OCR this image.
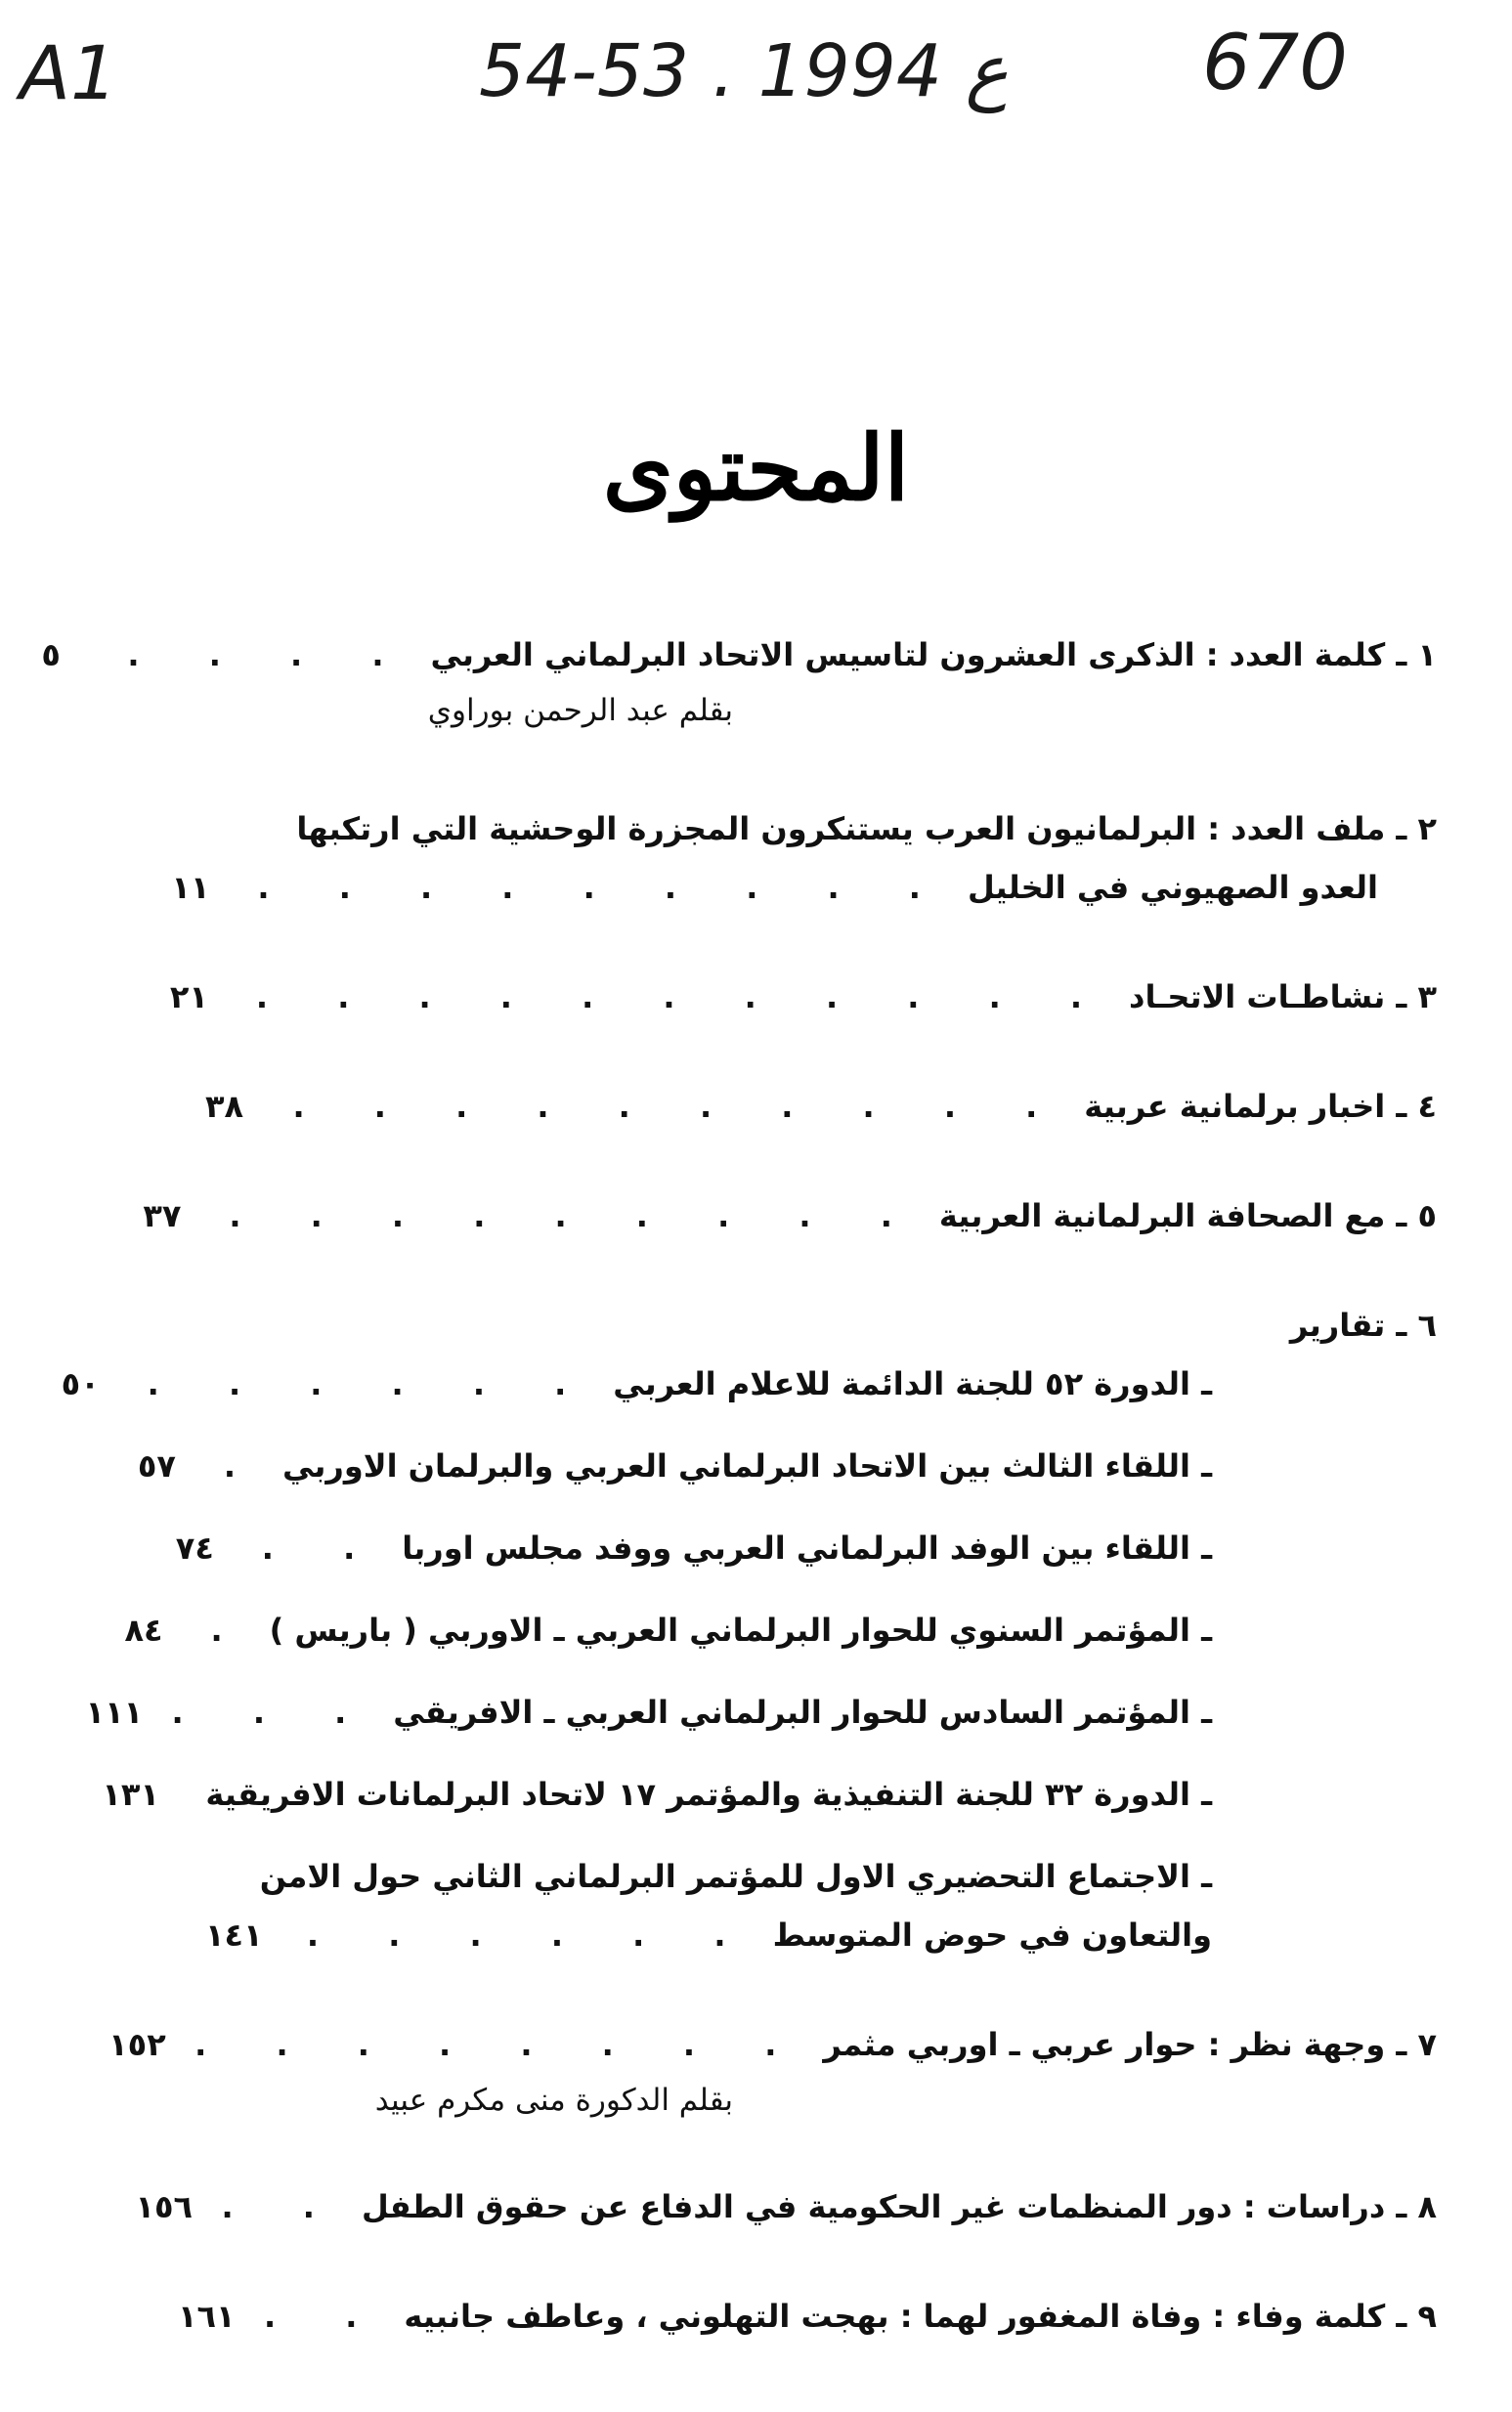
A1	54-53 . ع 1994	670
المحتوى
١ ـ كلمة العدد : الذكرى العشرون لتاسيس الاتحاد البرلماني العربي
. . . .
٥
بقلم عبد الرحمن بوراوي
٢ ـ ملف العدد : البرلمانيون العرب يستنكرون المجزرة الوحشية التي ارتكبها
العدو الصهيوني في الخليل
. . . . . . . . .
١١
٣ ـ نشاطـات الاتحـاد
. . . . . . . . . . .
٢١
٤ ـ اخبار برلمانية عربية
. . . . . . . . . .
٣٨
٥ ـ مع الصحافة البرلمانية العربية
. . . . . . . . .
٣٧
٦ ـ تقارير
ـ الدورة ٥٢ للجنة الدائمة للاعلام العربي
. . . . . .
٥٠
ـ اللقاء الثالث بين الاتحاد البرلماني العربي والبرلمان الاوربي
.
٥٧
ـ اللقاء بين الوفد البرلماني العربي ووفد مجلس اوربا
. .
٧٤
ـ المؤتمر السنوي للحوار البرلماني العربي ـ الاوربي ( باريس )
.
٨٤
ـ المؤتمر السادس للحوار البرلماني العربي ـ الافريقي
. . .
١١١
ـ الدورة ٣٢ للجنة التنفيذية والمؤتمر ١٧ لاتحاد البرلمانات الافريقية
١٣١
ـ الاجتماع التحضيري الاول للمؤتمر البرلماني الثاني حول الامن
والتعاون في حوض المتوسط
. . . . . .
١٤١
٧ ـ وجهة نظر : حوار عربي ـ اوربي مثمر
. . . . . . . .
١٥٢
بقلم الدكورة منى مكرم عبيد
٨ ـ دراسات : دور المنظمات غير الحكومية في الدفاع عن حقوق الطفل
. .
١٥٦
٩ ـ كلمة وفاء : وفاة المغفور لهما : بهجت التهلوني ، وعاطف جانبيه
. .
١٦١
